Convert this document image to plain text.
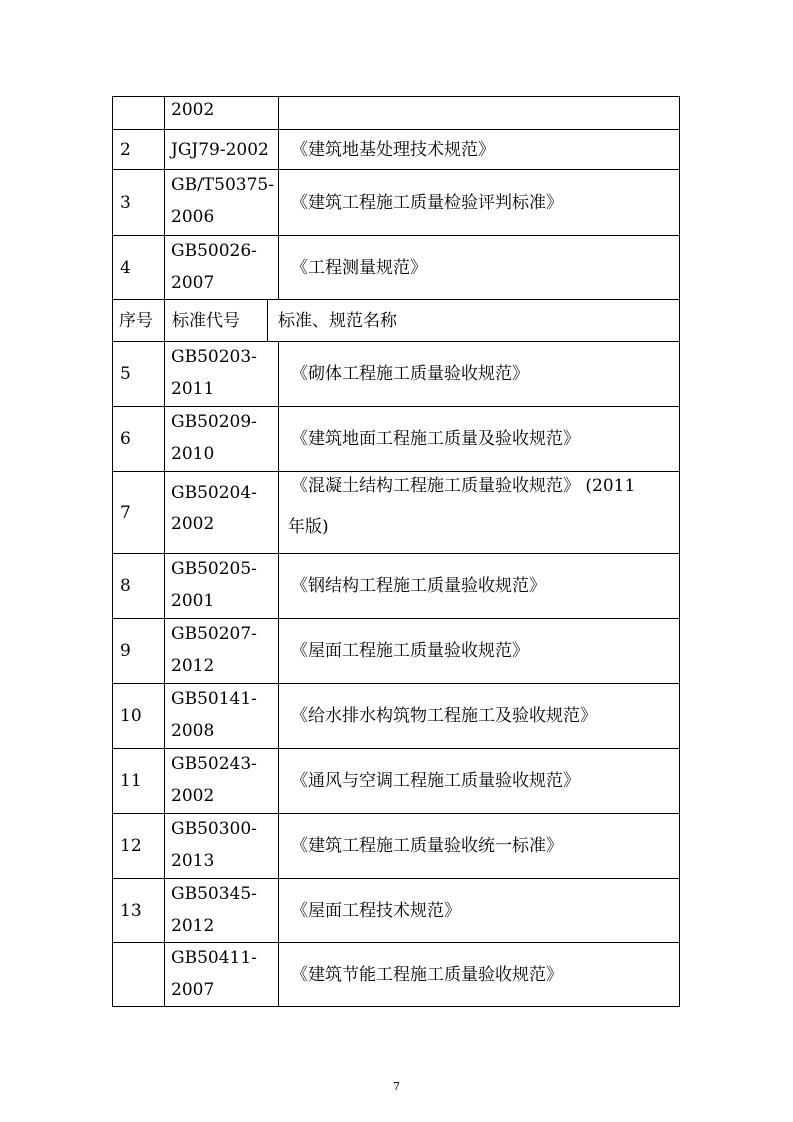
2002
2 JGJ79-2002 《建筑地基处理技术规范》
3
GB/T50375-
2006
《建筑工程施工质量检验评判标准》
4
GB50026-
2007
《工程测量规范》
序号 标准代号 标准、规范名称
5
GB50203-
2011
《砌体工程施工质量验收规范》
6
GB50209-
2010
《建筑地面工程施工质量及验收规范》
7
GB50204-
2002
《混凝土结构工程施工质量验收规范》 (2011
年版)
8
GB50205-
2001
《钢结构工程施工质量验收规范》
9
GB50207-
2012
《屋面工程施工质量验收规范》
10
GB50141-
2008
《给水排水构筑物工程施工及验收规范》
11
GB50243-
2002
《通风与空调工程施工质量验收规范》
12
GB50300-
2013
《建筑工程施工质量验收统一标准》
13
GB50345-
2012
《屋面工程技术规范》
GB50411-
2007
《建筑节能工程施工质量验收规范》
7
